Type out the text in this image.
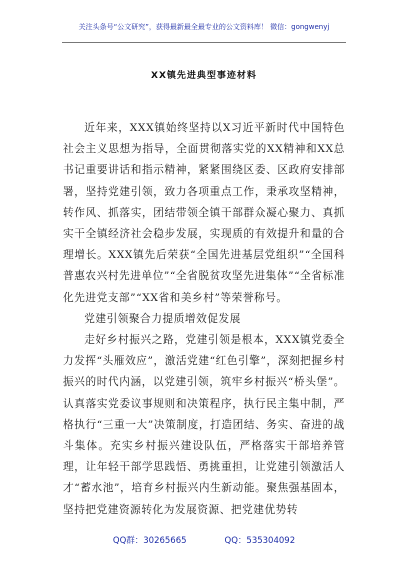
关注头条号“公文研究”，获得最新最全最专业的公文资料库！ 微信：gongwenyj
XX镇先进典型事迹材料

近年来，XXX镇始终坚持以X习近平新时代中国特色社会主义思想为指导，全面贯彻落实党的XX精神和XX总书记重要讲话和指示精神，紧紧围绕区委、区政府安排部署，坚持党建引领，致力各项重点工作，秉承攻坚精神，转作风、抓落实，团结带领全镇干部群众凝心聚力、真抓实干全镇经济社会稳步发展，实现质的有效提升和量的合理增长。XXX镇先后荣获“全国先进基层党组织”“全国科普惠农兴村先进单位”“全省脱贫攻坚先进集体”“全省标准化先进党支部”“XX省和美乡村”等荣誉称号。

党建引领聚合力提质增效促发展

走好乡村振兴之路，党建引领是根本，XXX镇党委全力发挥“头雁效应”，激活党建“红色引擎”，深刻把握乡村振兴的时代内涵，以党建引领，筑牢乡村振兴“桥头堡”。认真落实党委议事规则和决策程序，执行民主集中制，严格执行“三重一大”决策制度，打造团结、务实、奋进的战斗集体。充实乡村振兴建设队伍，严格落实干部培养管理，让年轻干部学思践悟、勇挑重担，让党建引领激活人才“蓄水池”，培育乡村振兴内生新动能。聚焦强基固本，坚持把党建资源转化为发展资源、把党建优势转

QQ群：30265665	QQ：535304092
